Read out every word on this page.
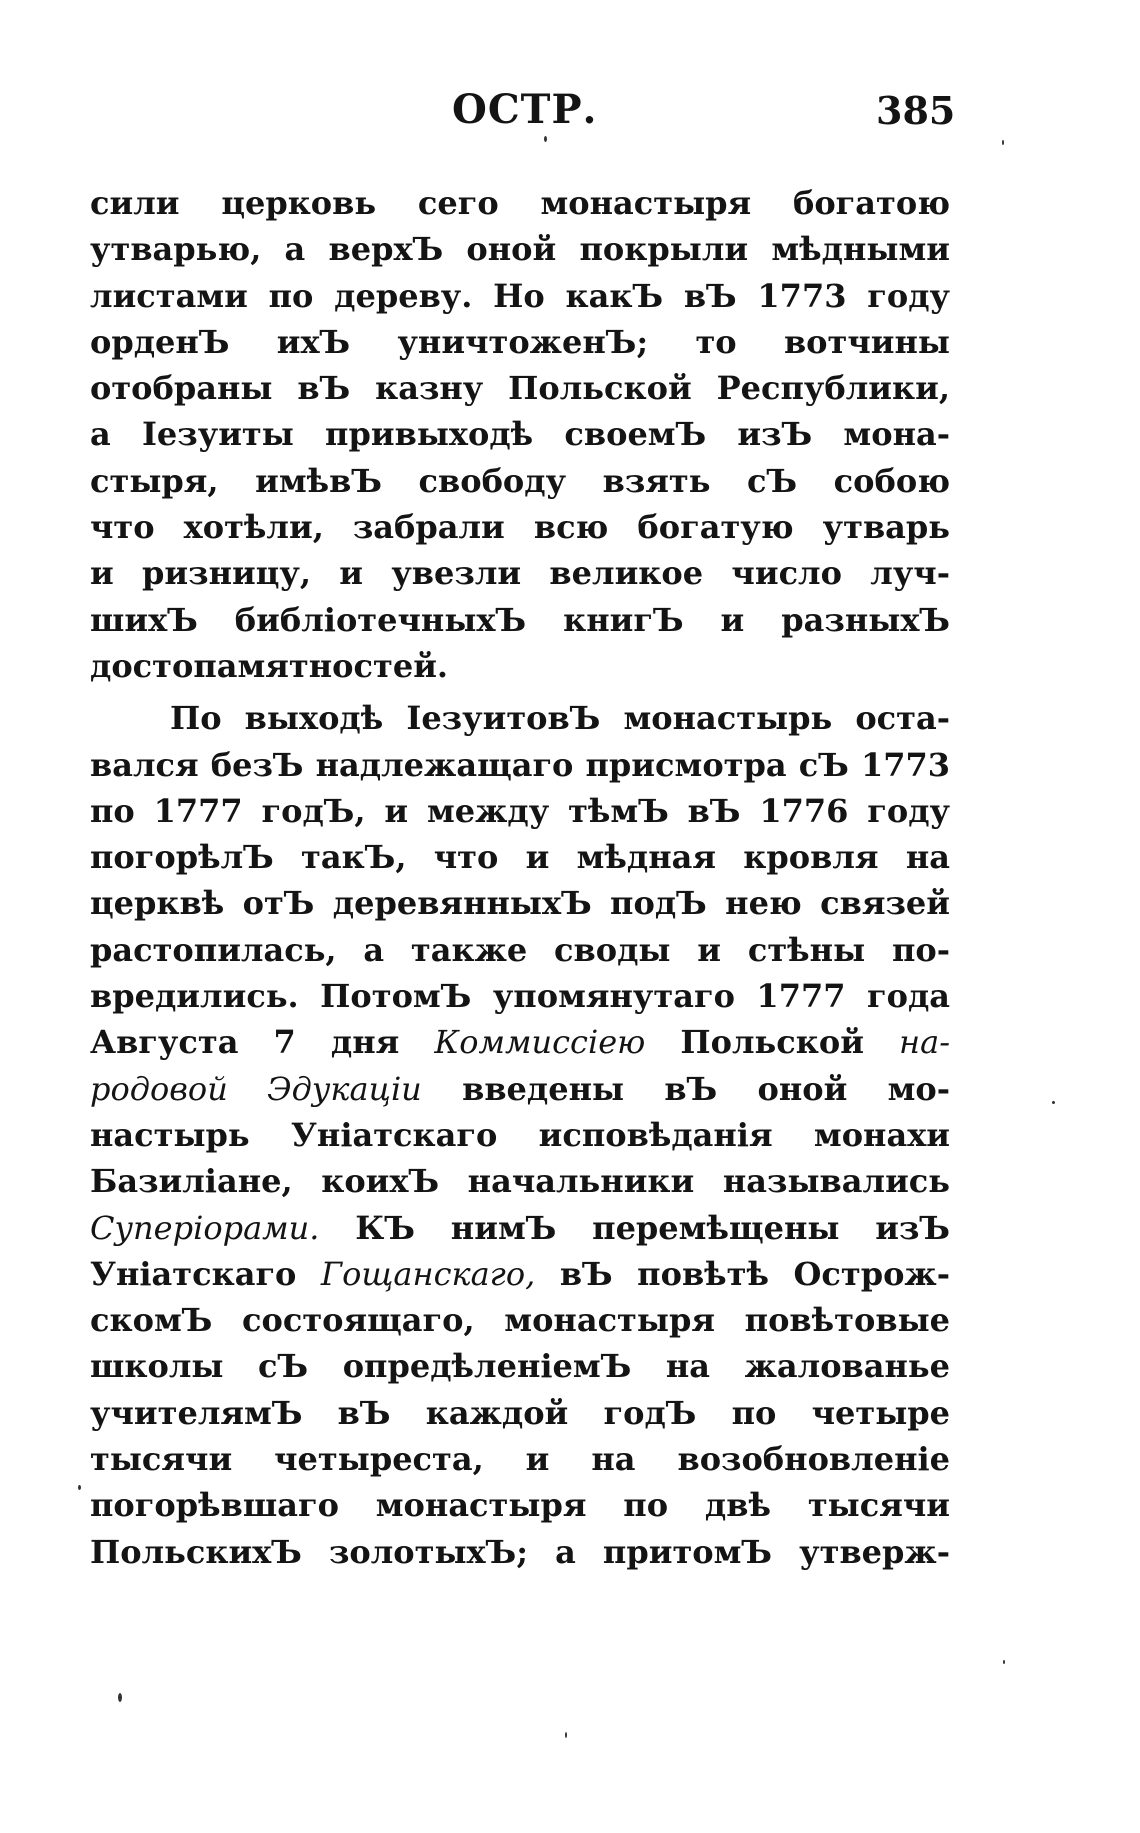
ОСТР.	385
сили церковь сего монастыря богатою
утварью, а верхЪ оной покрыли мѣдными
листами по дереву. Но какЪ вЪ 1773 году
орденЪ ихЪ уничтоженЪ; то вотчины
отобраны вЪ казну Польской Республики,
а Iезуиты привыходѣ своемЪ изЪ мона-
стыря, имѣвЪ свободу взять сЪ собою
что хотѣли, забрали всю богатую утварь
и ризницу, и увезли великое число луч-
шихЪ библiотечныхЪ книгЪ и разныхЪ
достопамятностей.
По выходѣ IезуитовЪ монастырь оста-
вался безЪ надлежащаго присмотра сЪ 1773
по 1777 годЪ, и между тѣмЪ вЪ 1776 году
погорѣлЪ такЪ, что и мѣдная кровля на
церквѣ отЪ деревянныхЪ подЪ нею связей
растопилась, а также своды и стѣны по-
вредились. ПотомЪ упомянутаго 1777 года
Августа 7 дня Коммиссiею Польской на-
родовой Эдукацiи введены вЪ оной мо-
настырь Унiатскаго исповѣданiя монахи
Базилiане, коихЪ начальники назывались
Суперiорами. КЪ нимЪ перемѣщены изЪ
Унiатскаго Гощанскаго, вЪ повѣтѣ Острож-
скомЪ состоящаго, монастыря повѣтовые
школы сЪ опредѣленiемЪ на жалованье
учителямЪ вЪ каждой годЪ по четыре
тысячи четыреста, и на возобновленiе
погорѣвшаго монастыря по двѣ тысячи
ПольскихЪ золотыхЪ; а притомЪ утверж-
